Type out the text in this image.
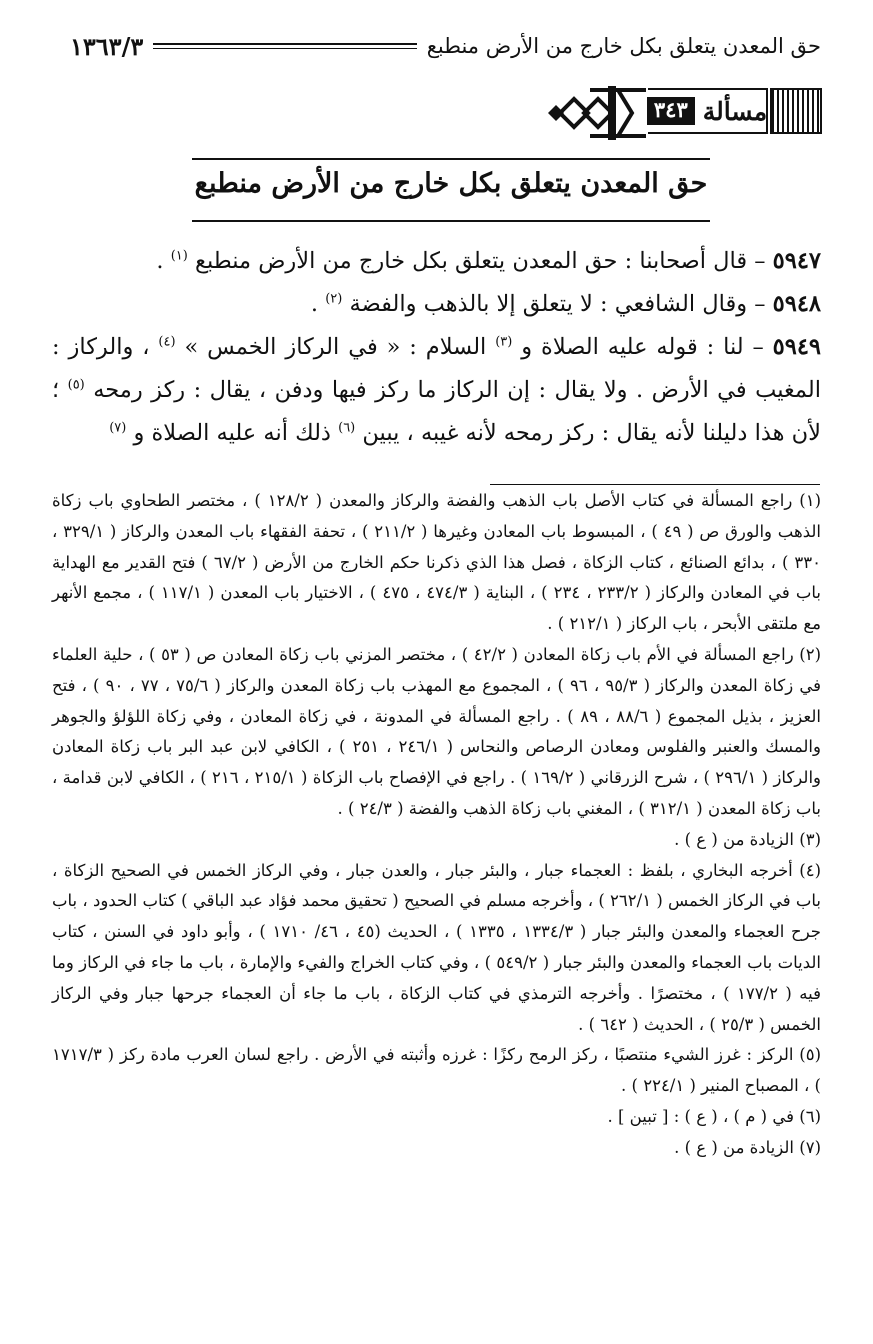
حق المعدن يتعلق بكل خارج من الأرض منطبع
١٣٦٣/٣
مسألة
٣٤٣
حق المعدن يتعلق بكل خارج من الأرض منطبع

٥٩٤٧ – قال أصحابنا : حق المعدن يتعلق بكل خارج من الأرض منطبع $^{(١)}$ .

٥٩٤٨ – وقال الشافعي : لا يتعلق إلا بالذهب والفضة $^{(٢)}$ .

٥٩٤٩ – لنا : قوله عليه الصلاة و $^{(٣)}$ السلام : « في الركاز الخمس » $^{(٤)}$ ، والركاز : المغيب في الأرض . ولا يقال : إن الركاز ما ركز فيها ودفن ، يقال : ركز رمحه $^{(٥)}$ ؛ لأن هذا دليلنا لأنه يقال : ركز رمحه لأنه غيبه ، يبين $^{(٦)}$ ذلك أنه عليه الصلاة و $^{(٧)}$

(١) راجع المسألة في كتاب الأصل باب الذهب والفضة والركاز والمعدن ( ١٢٨/٢ ) ، مختصر الطحاوي باب زكاة الذهب والورق ص ( ٤٩ ) ، المبسوط باب المعادن وغيرها ( ٢١١/٢ ) ، تحفة الفقهاء باب المعدن والركاز ( ٣٢٩/١ ، ٣٣٠ ) ، بدائع الصنائع ، كتاب الزكاة ، فصل هذا الذي ذكرنا حكم الخارج من الأرض ( ٦٧/٢ ) فتح القدير مع الهداية باب في المعادن والركاز ( ٢٣٣/٢ ، ٢٣٤ ) ، البناية ( ٤٧٤/٣ ، ٤٧٥ ) ، الاختيار باب المعدن ( ١١٧/١ ) ، مجمع الأنهر مع ملتقى الأبحر ، باب الركاز ( ٢١٢/١ ) .

(٢) راجع المسألة في الأم باب زكاة المعادن ( ٤٢/٢ ) ، مختصر المزني باب زكاة المعادن ص ( ٥٣ ) ، حلية العلماء في زكاة المعدن والركاز ( ٩٥/٣ ، ٩٦ ) ، المجموع مع المهذب باب زكاة المعدن والركاز ( ٧٥/٦ ، ٧٧ ، ٩٠ ) ، فتح العزيز ، بذيل المجموع ( ٨٨/٦ ، ٨٩ ) . راجع المسألة في المدونة ، في زكاة المعادن ، وفي زكاة اللؤلؤ والجوهر والمسك والعنبر والفلوس ومعادن الرصاص والنحاس ( ٢٤٦/١ ، ٢٥١ ) ، الكافي لابن عبد البر باب زكاة المعادن والركاز ( ٢٩٦/١ ) ، شرح الزرقاني ( ١٦٩/٢ ) . راجع في الإفصاح باب الزكاة ( ٢١٥/١ ، ٢١٦ ) ، الكافي لابن قدامة ، باب زكاة المعدن ( ٣١٢/١ ) ، المغني باب زكاة الذهب والفضة ( ٢٤/٣ ) .

(٣) الزيادة من ( ع ) .

(٤) أخرجه البخاري ، بلفظ : العجماء جبار ، والبئر جبار ، والعدن جبار ، وفي الركاز الخمس في الصحيح الزكاة ، باب في الركاز الخمس ( ٢٦٢/١ ) ، وأخرجه مسلم في الصحيح ( تحقيق محمد فؤاد عبد الباقي ) كتاب الحدود ، باب جرح العجماء والمعدن والبئر جبار ( ١٣٣٤/٣ ، ١٣٣٥ ) ، الحديث (٤٥ ، ٤٦/ ١٧١٠ ) ، وأبو داود في السنن ، كتاب الديات باب العجماء والمعدن والبئر جبار ( ٥٤٩/٢ ) ، وفي كتاب الخراج والفيء والإمارة ، باب ما جاء في الركاز وما فيه ( ١٧٧/٢ ) ، مختصرًا . وأخرجه الترمذي في كتاب الزكاة ، باب ما جاء أن العجماء جرحها جبار وفي الركاز الخمس ( ٢٥/٣ ) ، الحديث ( ٦٤٢ ) .

(٥) الركز : غرز الشيء منتصبًا ، ركز الرمح ركزًا : غرزه وأثبته في الأرض . راجع لسان العرب مادة ركز ( ١٧١٧/٣ ) ، المصباح المنير ( ٢٢٤/١ ) .

(٦) في ( م ) ، ( ع ) : [ تبين ] .

(٧) الزيادة من ( ع ) .
